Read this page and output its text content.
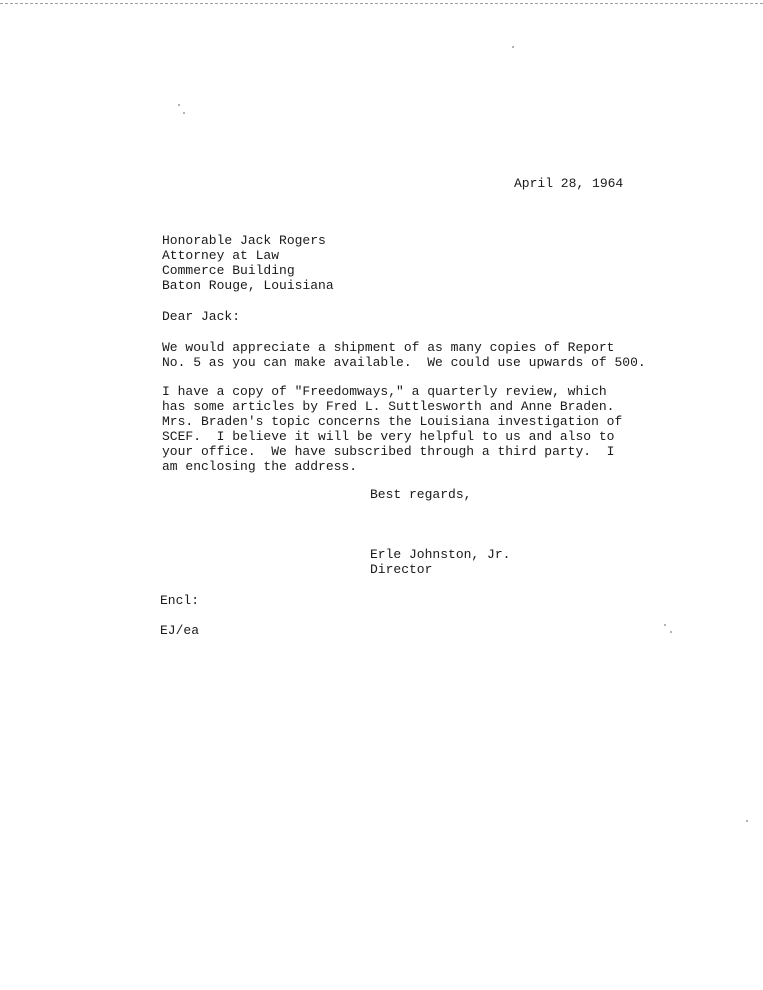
April 28, 1964
Honorable Jack Rogers
Attorney at Law
Commerce Building
Baton Rouge, Louisiana
Dear Jack:
We would appreciate a shipment of as many copies of Report
No. 5 as you can make available.  We could use upwards of 500.
I have a copy of "Freedomways," a quarterly review, which
has some articles by Fred L. Suttlesworth and Anne Braden.
Mrs. Braden's topic concerns the Louisiana investigation of
SCEF.  I believe it will be very helpful to us and also to
your office.  We have subscribed through a third party.  I
am enclosing the address.
Best regards,
Erle Johnston, Jr.
Director
Encl:
EJ/ea
